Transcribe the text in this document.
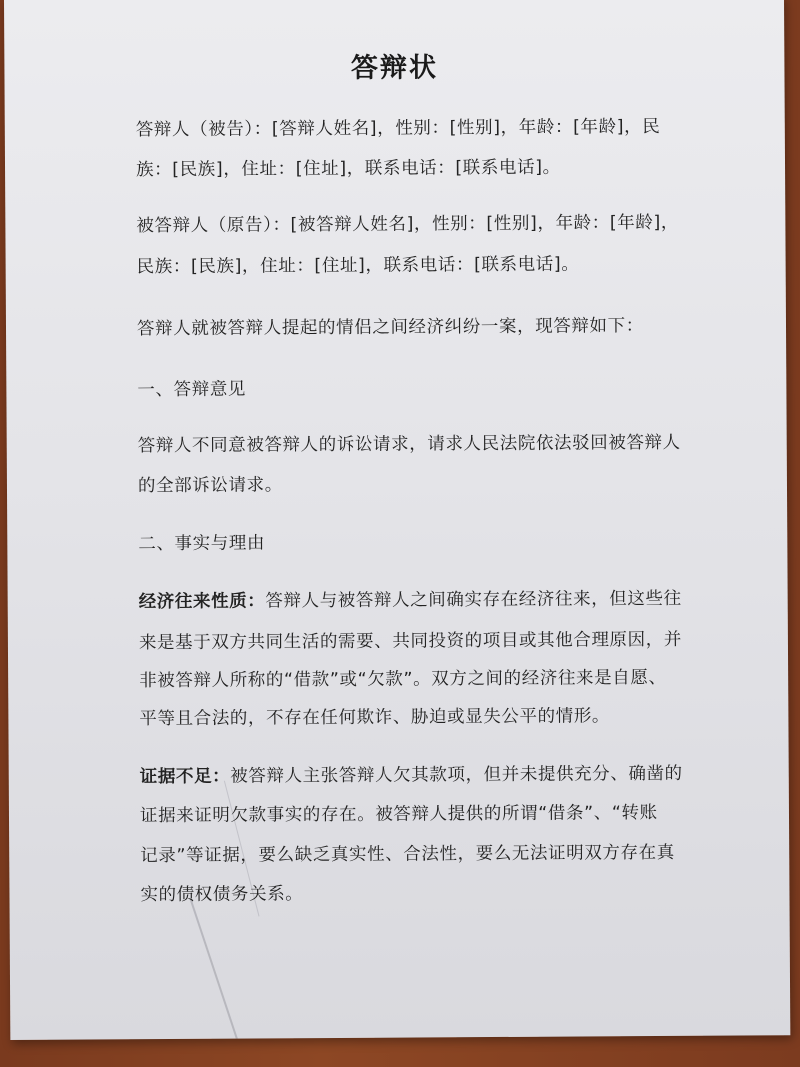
答辩状
答辩人（被告）：[答辩人姓名]，性别：[性别]，年龄：[年龄]，民
族：[民族]，住址：[住址]，联系电话：[联系电话]。
被答辩人（原告）：[被答辩人姓名]，性别：[性别]，年龄：[年龄]，
民族：[民族]，住址：[住址]，联系电话：[联系电话]。
答辩人就被答辩人提起的情侣之间经济纠纷一案，现答辩如下：
一、答辩意见
答辩人不同意被答辩人的诉讼请求，请求人民法院依法驳回被答辩人
的全部诉讼请求。
二、事实与理由
经济往来性质：答辩人与被答辩人之间确实存在经济往来，但这些往
来是基于双方共同生活的需要、共同投资的项目或其他合理原因，并
非被答辩人所称的“借款”或“欠款”。双方之间的经济往来是自愿、
平等且合法的，不存在任何欺诈、胁迫或显失公平的情形。
证据不足：被答辩人主张答辩人欠其款项，但并未提供充分、确凿的
证据来证明欠款事实的存在。被答辩人提供的所谓“借条”、“转账
记录”等证据，要么缺乏真实性、合法性，要么无法证明双方存在真
实的债权债务关系。
